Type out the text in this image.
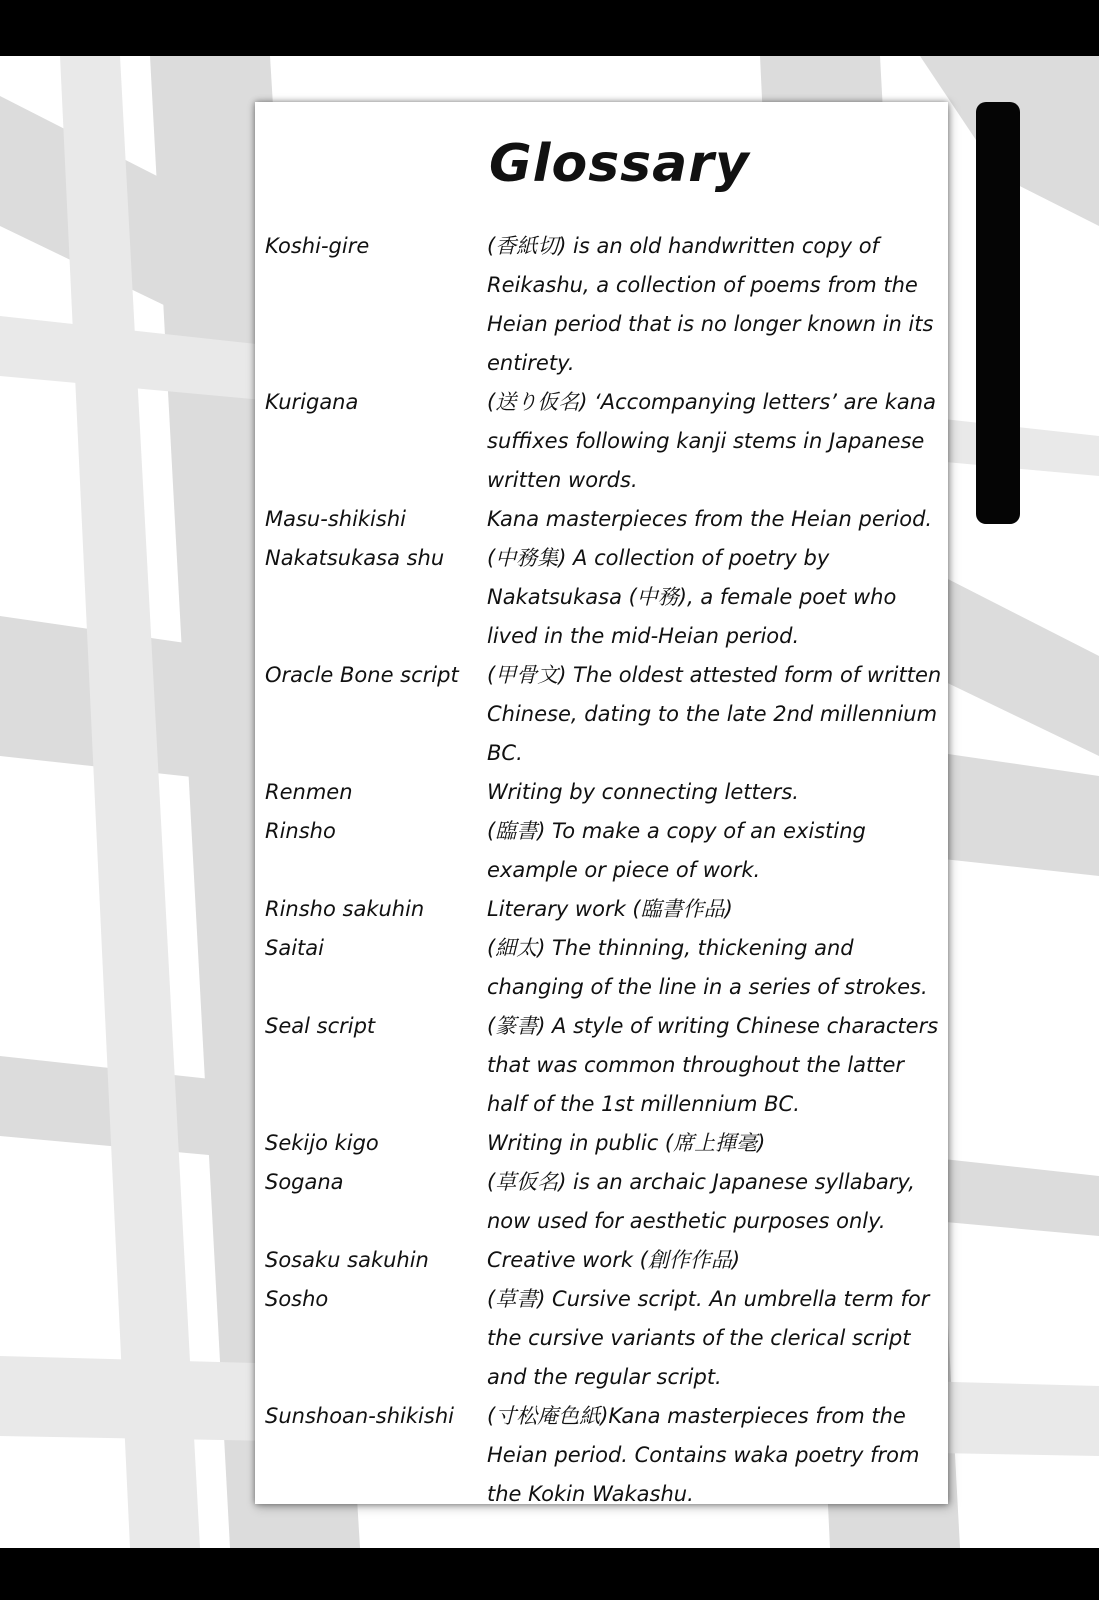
Glossary
Koshi-gire	(香紙切) is an old handwritten copy of Reikashu, a collection of poems from the Heian period that is no longer known in its entirety.
Kurigana	(送り仮名) ‘Accompanying letters’ are kana suffixes following kanji stems in Japanese written words.
Masu-shikishi	Kana masterpieces from the Heian period.
Nakatsukasa shu	(中務集) A collection of poetry by Nakatsukasa (中務), a female poet who lived in the mid-Heian period.
Oracle Bone script	(甲骨文) The oldest attested form of written Chinese, dating to the late 2nd millennium BC.
Renmen	Writing by connecting letters.
Rinsho	(臨書) To make a copy of an existing example or piece of work.
Rinsho sakuhin	Literary work (臨書作品)
Saitai	(細太) The thinning, thickening and changing of the line in a series of strokes.
Seal script	(篆書) A style of writing Chinese characters that was common throughout the latter half of the 1st millennium BC.
Sekijo kigo	Writing in public (席上揮毫)
Sogana	(草仮名) is an archaic Japanese syllabary, now used for aesthetic purposes only.
Sosaku sakuhin	Creative work (創作作品)
Sosho	(草書) Cursive script. An umbrella term for the cursive variants of the clerical script and the regular script.
Sunshoan-shikishi	(寸松庵色紙)Kana masterpieces from the Heian period. Contains waka poetry from the Kokin Wakashu.
